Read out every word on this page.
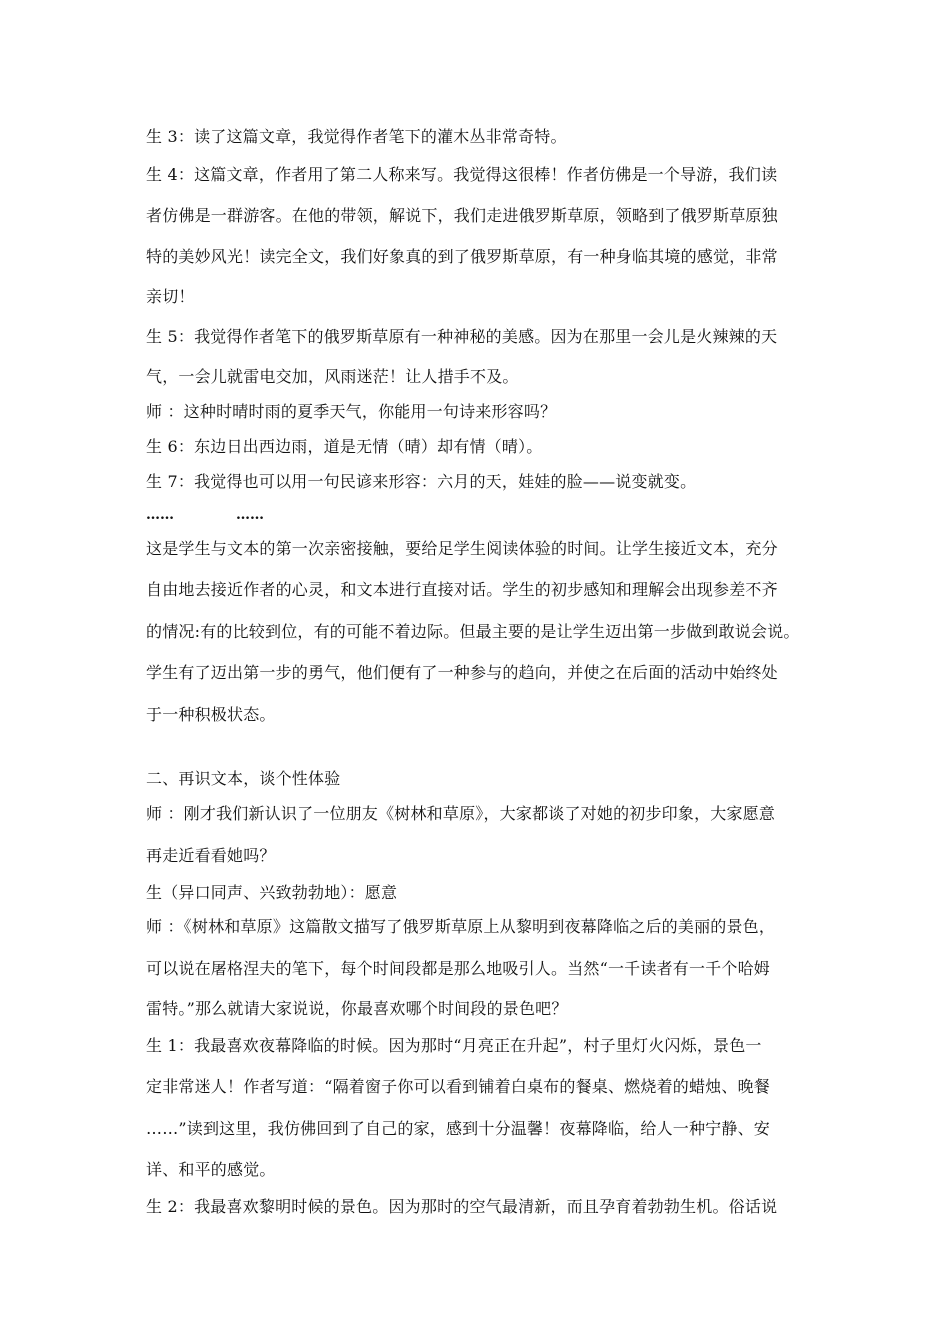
生 3：读了这篇文章，我觉得作者笔下的灌木丛非常奇特。
生 4：这篇文章，作者用了第二人称来写。我觉得这很棒！作者仿佛是一个导游，我们读
者仿佛是一群游客。在他的带领，解说下，我们走进俄罗斯草原，领略到了俄罗斯草原独
特的美妙风光！读完全文，我们好象真的到了俄罗斯草原，有一种身临其境的感觉，非常
亲切！
生 5：我觉得作者笔下的俄罗斯草原有一种神秘的美感。因为在那里一会儿是火辣辣的天
气，一会儿就雷电交加，风雨迷茫！让人措手不及。
师 ：这种时晴时雨的夏季天气，你能用一句诗来形容吗？
生 6：东边日出西边雨，道是无情（晴）却有情（晴）。
生 7：我觉得也可以用一句民谚来形容：六月的天，娃娃的脸——说变就变。
……	……
这是学生与文本的第一次亲密接触，要给足学生阅读体验的时间。让学生接近文本，充分
自由地去接近作者的心灵，和文本进行直接对话。学生的初步感知和理解会出现参差不齐
的情况:有的比较到位，有的可能不着边际。但最主要的是让学生迈出第一步做到敢说会说。
学生有了迈出第一步的勇气，他们便有了一种参与的趋向，并使之在后面的活动中始终处
于一种积极状态。
二、再识文本，谈个性体验
师 ：刚才我们新认识了一位朋友《树林和草原》，大家都谈了对她的初步印象，大家愿意
再走近看看她吗？
生（异口同声、兴致勃勃地）：愿意
师 ：《树林和草原》这篇散文描写了俄罗斯草原上从黎明到夜幕降临之后的美丽的景色，
可以说在屠格涅夫的笔下，每个时间段都是那么地吸引人。当然“一千读者有一千个哈姆
雷特。”那么就请大家说说，你最喜欢哪个时间段的景色吧？
生 1：我最喜欢夜幕降临的时候。因为那时“月亮正在升起”，村子里灯火闪烁，景色一
定非常迷人！作者写道：“隔着窗子你可以看到铺着白桌布的餐桌、燃烧着的蜡烛、晚餐
……”读到这里，我仿佛回到了自己的家，感到十分温馨！夜幕降临，给人一种宁静、安
详、和平的感觉。
生 2：我最喜欢黎明时候的景色。因为那时的空气最清新，而且孕育着勃勃生机。俗话说
